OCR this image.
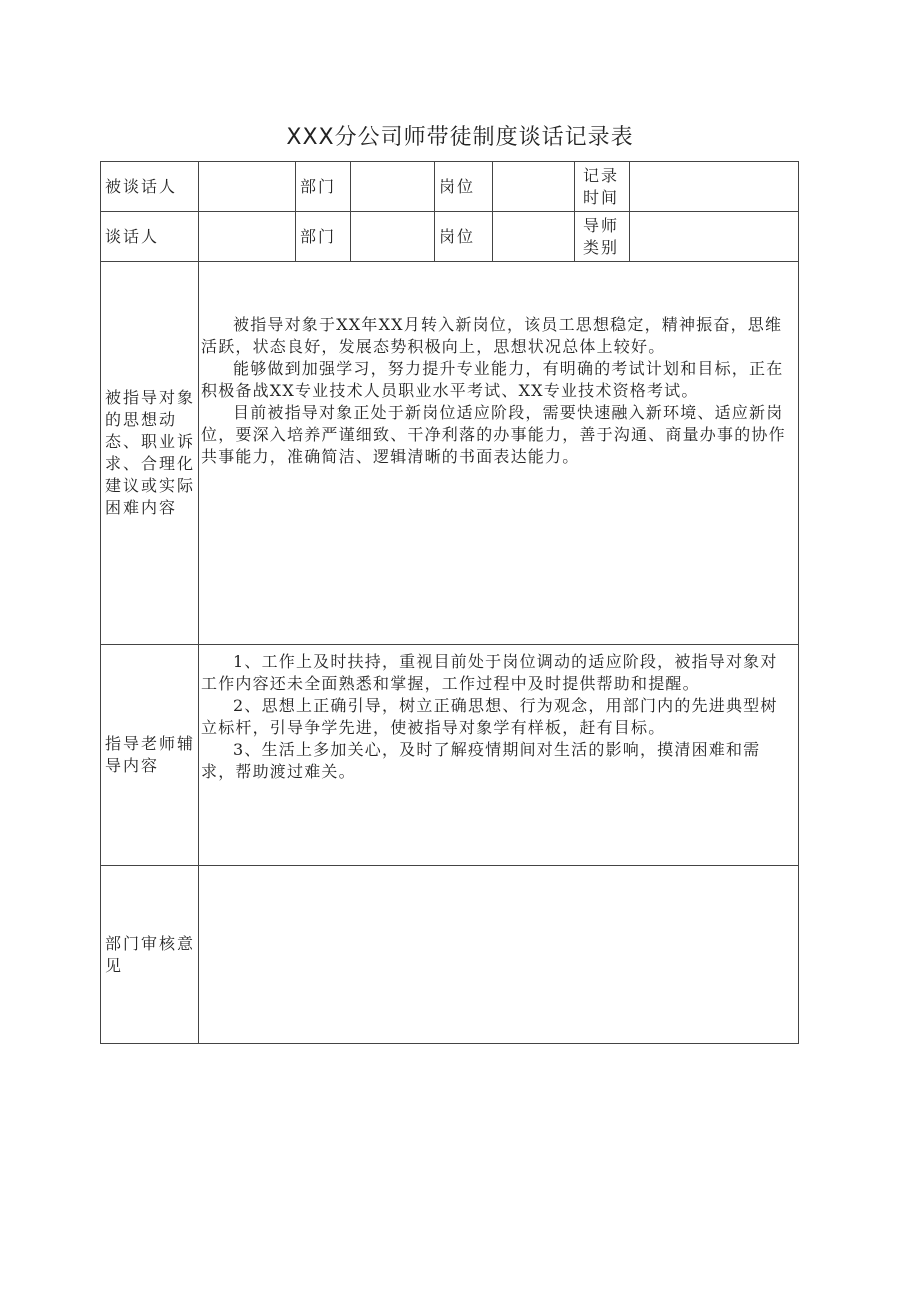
XXX分公司师带徒制度谈话记录表
被谈话人		部门		岗位		记录时间	
谈话人		部门		岗位		导师类别	
被指导对象的思想动态、职业诉求、合理化建议或实际困难内容	被指导对象于XX年XX月转入新岗位，该员工思想稳定，精神振奋，思维活跃，状态良好，发展态势积极向上，思想状况总体上较好。

能够做到加强学习，努力提升专业能力，有明确的考试计划和目标，正在积极备战XX专业技术人员职业水平考试、XX专业技术资格考试。

目前被指导对象正处于新岗位适应阶段，需要快速融入新环境、适应新岗位，要深入培养严谨细致、干净利落的办事能力，善于沟通、商量办事的协作共事能力，准确简洁、逻辑清晰的书面表达能力。						

指导老师辅导内容	1、工作上及时扶持，重视目前处于岗位调动的适应阶段，被指导对象对工作内容还未全面熟悉和掌握，工作过程中及时提供帮助和提醒。

2、思想上正确引导，树立正确思想、行为观念，用部门内的先进典型树立标杆，引导争学先进，使被指导对象学有样板，赶有目标。

3、生活上多加关心，及时了解疫情期间对生活的影响，摸清困难和需求，帮助渡过难关。						

部门审核意见							
